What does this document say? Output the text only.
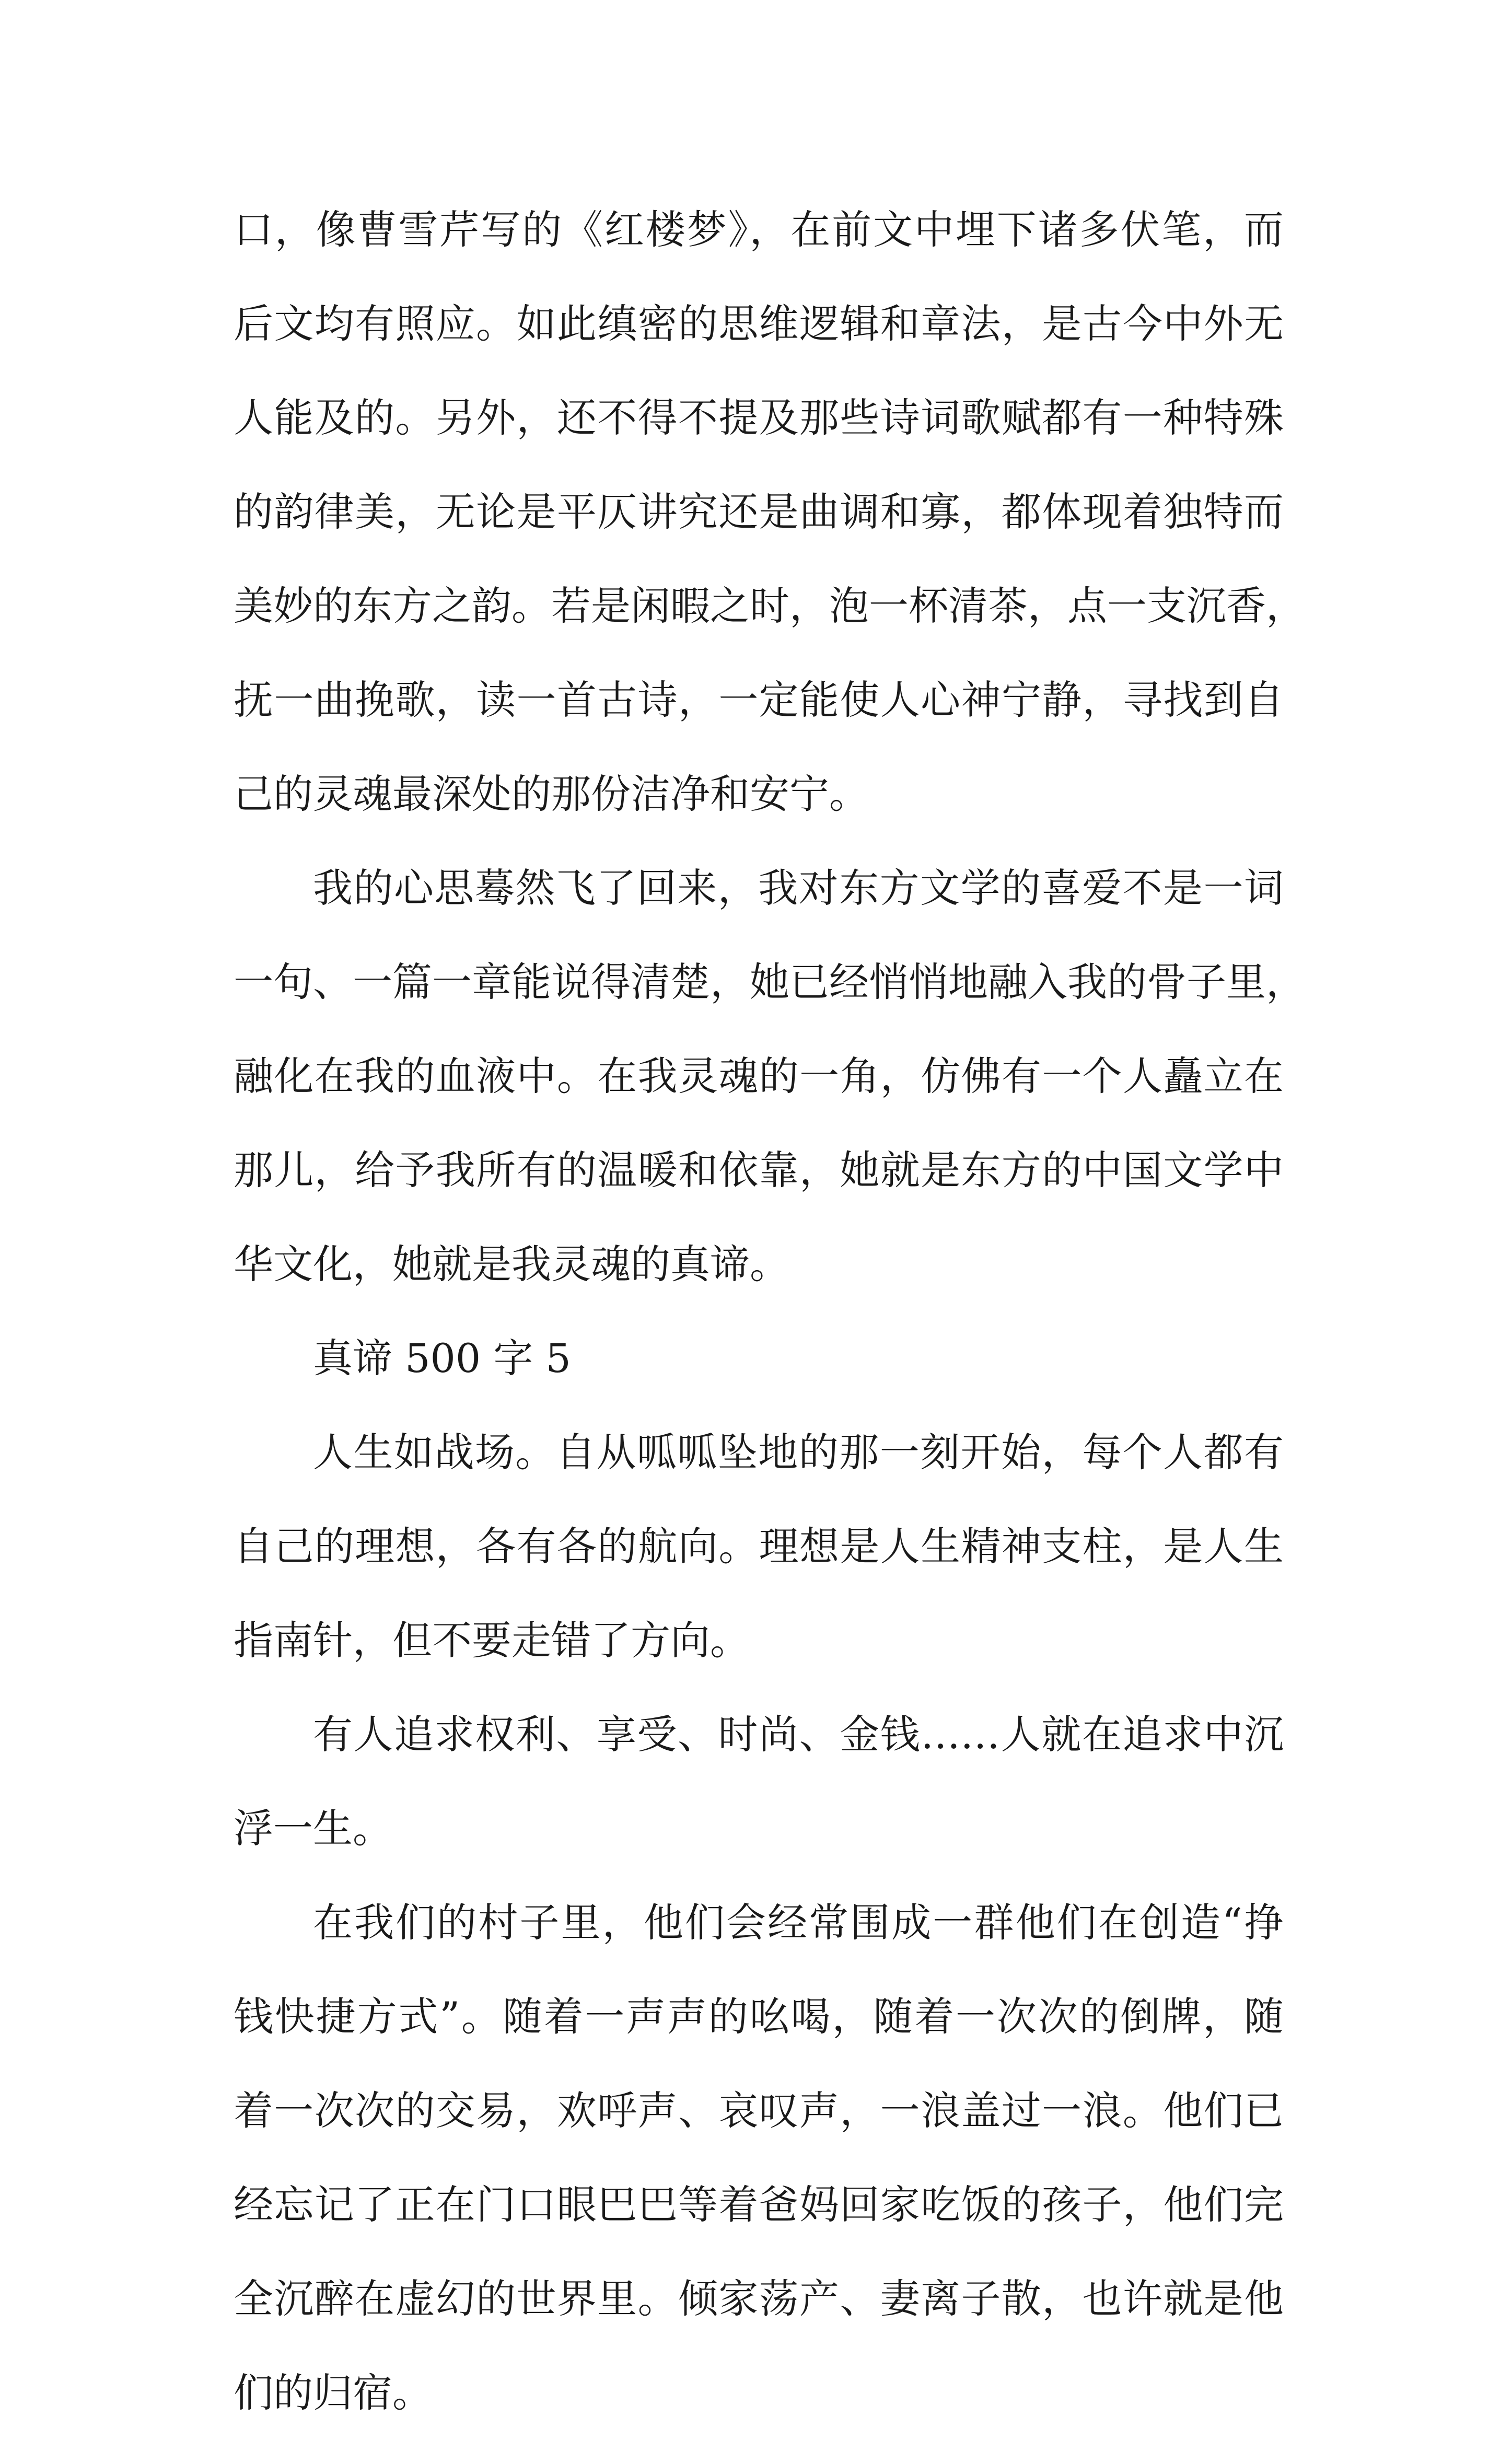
口，像曹雪芹写的《红楼梦》，在前文中埋下诸多伏笔，而
后文均有照应。如此缜密的思维逻辑和章法，是古今中外无
人能及的。另外，还不得不提及那些诗词歌赋都有一种特殊
的韵律美，无论是平仄讲究还是曲调和寡，都体现着独特而
美妙的东方之韵。若是闲暇之时，泡一杯清茶，点一支沉香，
抚一曲挽歌，读一首古诗，一定能使人心神宁静，寻找到自
己的灵魂最深处的那份洁净和安宁。
我的心思蓦然飞了回来，我对东方文学的喜爱不是一词
一句、一篇一章能说得清楚，她已经悄悄地融入我的骨子里，
融化在我的血液中。在我灵魂的一角，仿佛有一个人矗立在
那儿，给予我所有的温暖和依靠，她就是东方的中国文学中
华文化，她就是我灵魂的真谛。
真谛 500 字 5
人生如战场。自从呱呱坠地的那一刻开始，每个人都有
自己的理想，各有各的航向。理想是人生精神支柱，是人生
指南针，但不要走错了方向。
有人追求权利、享受、时尚、金钱……人就在追求中沉
浮一生。
在我们的村子里，他们会经常围成一群他们在创造“挣
钱快捷方式”。随着一声声的吆喝，随着一次次的倒牌，随
着一次次的交易，欢呼声、哀叹声，一浪盖过一浪。他们已
经忘记了正在门口眼巴巴等着爸妈回家吃饭的孩子，他们完
全沉醉在虚幻的世界里。倾家荡产、妻离子散，也许就是他
们的归宿。
